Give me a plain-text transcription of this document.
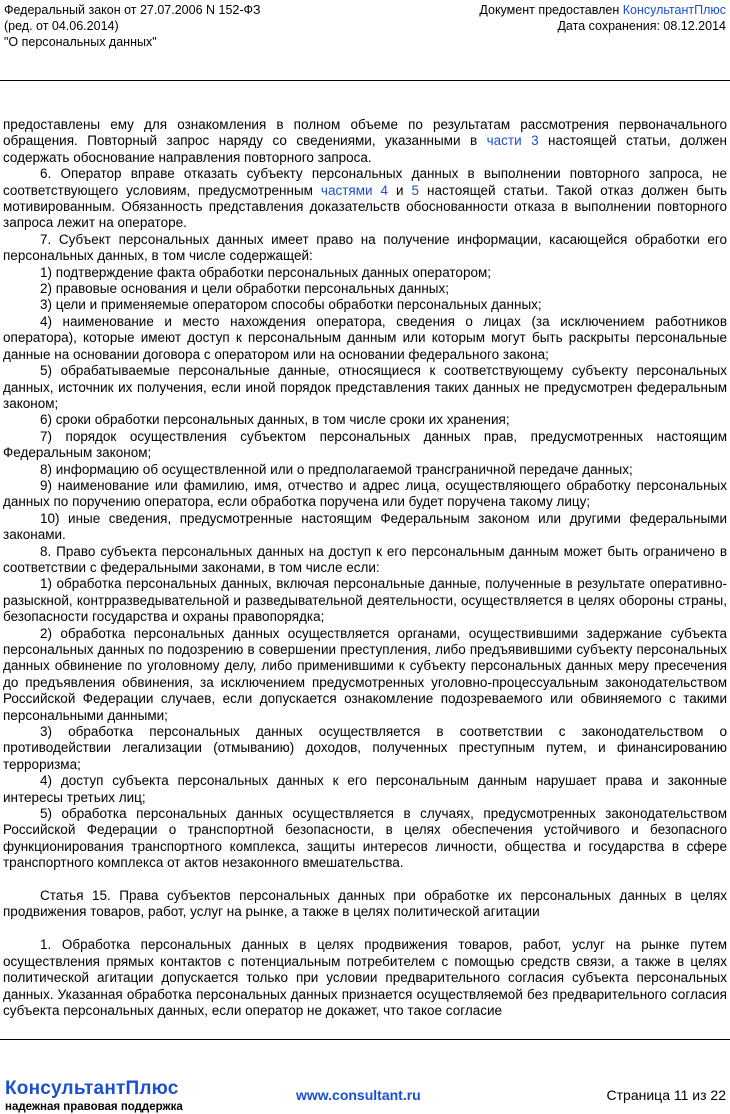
Федеральный закон от 27.07.2006 N 152-ФЗ
(ред. от 04.06.2014)
"О персональных данных"
Документ предоставлен КонсультантПлюс
Дата сохранения: 08.12.2014

предоставлены ему для ознакомления в полном объеме по результатам рассмотрения первоначального обращения. Повторный запрос наряду со сведениями, указанными в части 3 настоящей статьи, должен содержать обоснование направления повторного запроса.

6. Оператор вправе отказать субъекту персональных данных в выполнении повторного запроса, не соответствующего условиям, предусмотренным частями 4 и 5 настоящей статьи. Такой отказ должен быть мотивированным. Обязанность представления доказательств обоснованности отказа в выполнении повторного запроса лежит на операторе.

7. Субъект персональных данных имеет право на получение информации, касающейся обработки его персональных данных, в том числе содержащей:

1) подтверждение факта обработки персональных данных оператором;

2) правовые основания и цели обработки персональных данных;

3) цели и применяемые оператором способы обработки персональных данных;

4) наименование и место нахождения оператора, сведения о лицах (за исключением работников оператора), которые имеют доступ к персональным данным или которым могут быть раскрыты персональные данные на основании договора с оператором или на основании федерального закона;

5) обрабатываемые персональные данные, относящиеся к соответствующему субъекту персональных данных, источник их получения, если иной порядок представления таких данных не предусмотрен федеральным законом;

6) сроки обработки персональных данных, в том числе сроки их хранения;

7) порядок осуществления субъектом персональных данных прав, предусмотренных настоящим Федеральным законом;

8) информацию об осуществленной или о предполагаемой трансграничной передаче данных;

9) наименование или фамилию, имя, отчество и адрес лица, осуществляющего обработку персональных данных по поручению оператора, если обработка поручена или будет поручена такому лицу;

10) иные сведения, предусмотренные настоящим Федеральным законом или другими федеральными законами.

8. Право субъекта персональных данных на доступ к его персональным данным может быть ограничено в соответствии с федеральными законами, в том числе если:

1) обработка персональных данных, включая персональные данные, полученные в результате оперативно-разыскной, контрразведывательной и разведывательной деятельности, осуществляется в целях обороны страны, безопасности государства и охраны правопорядка;

2) обработка персональных данных осуществляется органами, осуществившими задержание субъекта персональных данных по подозрению в совершении преступления, либо предъявившими субъекту персональных данных обвинение по уголовному делу, либо применившими к субъекту персональных данных меру пресечения до предъявления обвинения, за исключением предусмотренных уголовно-процессуальным законодательством Российской Федерации случаев, если допускается ознакомление подозреваемого или обвиняемого с такими персональными данными;

3) обработка персональных данных осуществляется в соответствии с законодательством о противодействии легализации (отмыванию) доходов, полученных преступным путем, и финансированию терроризма;

4) доступ субъекта персональных данных к его персональным данным нарушает права и законные интересы третьих лиц;

5) обработка персональных данных осуществляется в случаях, предусмотренных законодательством Российской Федерации о транспортной безопасности, в целях обеспечения устойчивого и безопасного функционирования транспортного комплекса, защиты интересов личности, общества и государства в сфере транспортного комплекса от актов незаконного вмешательства.

Статья 15. Права субъектов персональных данных при обработке их персональных данных в целях продвижения товаров, работ, услуг на рынке, а также в целях политической агитации

1. Обработка персональных данных в целях продвижения товаров, работ, услуг на рынке путем осуществления прямых контактов с потенциальным потребителем с помощью средств связи, а также в целях политической агитации допускается только при условии предварительного согласия субъекта персональных данных. Указанная обработка персональных данных признается осуществляемой без предварительного согласия субъекта персональных данных, если оператор не докажет, что такое согласие

КонсультантПлюс
надежная правовая поддержка
www.consultant.ru	Страница 11 из 22
